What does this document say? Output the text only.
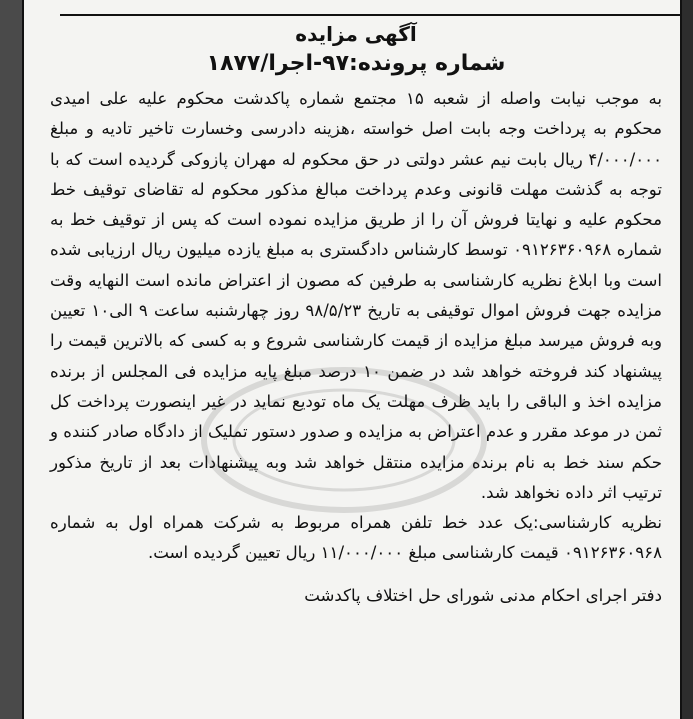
آگهی مزایده
شماره پرونده:۹۷-اجرا/۱۸۷۷

به موجب نیابت واصله از شعبه ۱۵ مجتمع شماره پاکدشت محکوم علیه علی امیدی محکوم به پرداخت وجه بابت اصل خواسته ،هزینه دادرسی وخسارت تاخیر تادیه و مبلغ ۴/۰۰۰/۰۰۰ ریال بابت نیم عشر دولتی در حق محکوم له مهران پازوکی گردیده است که با توجه به گذشت مهلت قانونی وعدم پرداخت مبالغ مذکور محکوم له تقاضای توقیف خط محکوم علیه و نهایتا فروش آن را از طریق مزایده نموده است که پس از توقیف خط به شماره ۰۹۱۲۶۳۶۰۹۶۸ توسط کارشناس دادگستری به مبلغ یازده میلیون ریال ارزیابی شده است وبا ابلاغ نظریه کارشناسی به طرفین که مصون از اعتراض مانده است النهایه وقت مزایده جهت فروش اموال توقیفی به تاریخ ۹۸/۵/۲۳ روز چهارشنبه ساعت ۹ الی۱۰ تعیین وبه فروش میرسد مبلغ مزایده از قیمت کارشناسی شروع و به کسی که بالاترین قیمت را پیشنهاد کند فروخته خواهد شد در ضمن ۱۰ درصد مبلغ پایه مزایده فی المجلس از برنده مزایده اخذ و الباقی را باید ظرف مهلت یک ماه تودیع نماید در غیر اینصورت پرداخت کل ثمن در موعد مقرر و عدم اعتراض به مزایده و صدور دستور تملیک از دادگاه صادر کننده و حکم سند خط به نام برنده مزایده منتقل خواهد شد وبه پیشنهادات بعد از تاریخ مذکور ترتیب اثر داده نخواهد شد.

نظریه کارشناسی:یک عدد خط تلفن همراه مربوط به شرکت همراه اول به شماره ۰۹۱۲۶۳۶۰۹۶۸ قیمت کارشناسی مبلغ ۱۱/۰۰۰/۰۰۰ ریال تعیین گردیده است.

دفتر اجرای احکام مدنی شورای حل اختلاف پاکدشت
